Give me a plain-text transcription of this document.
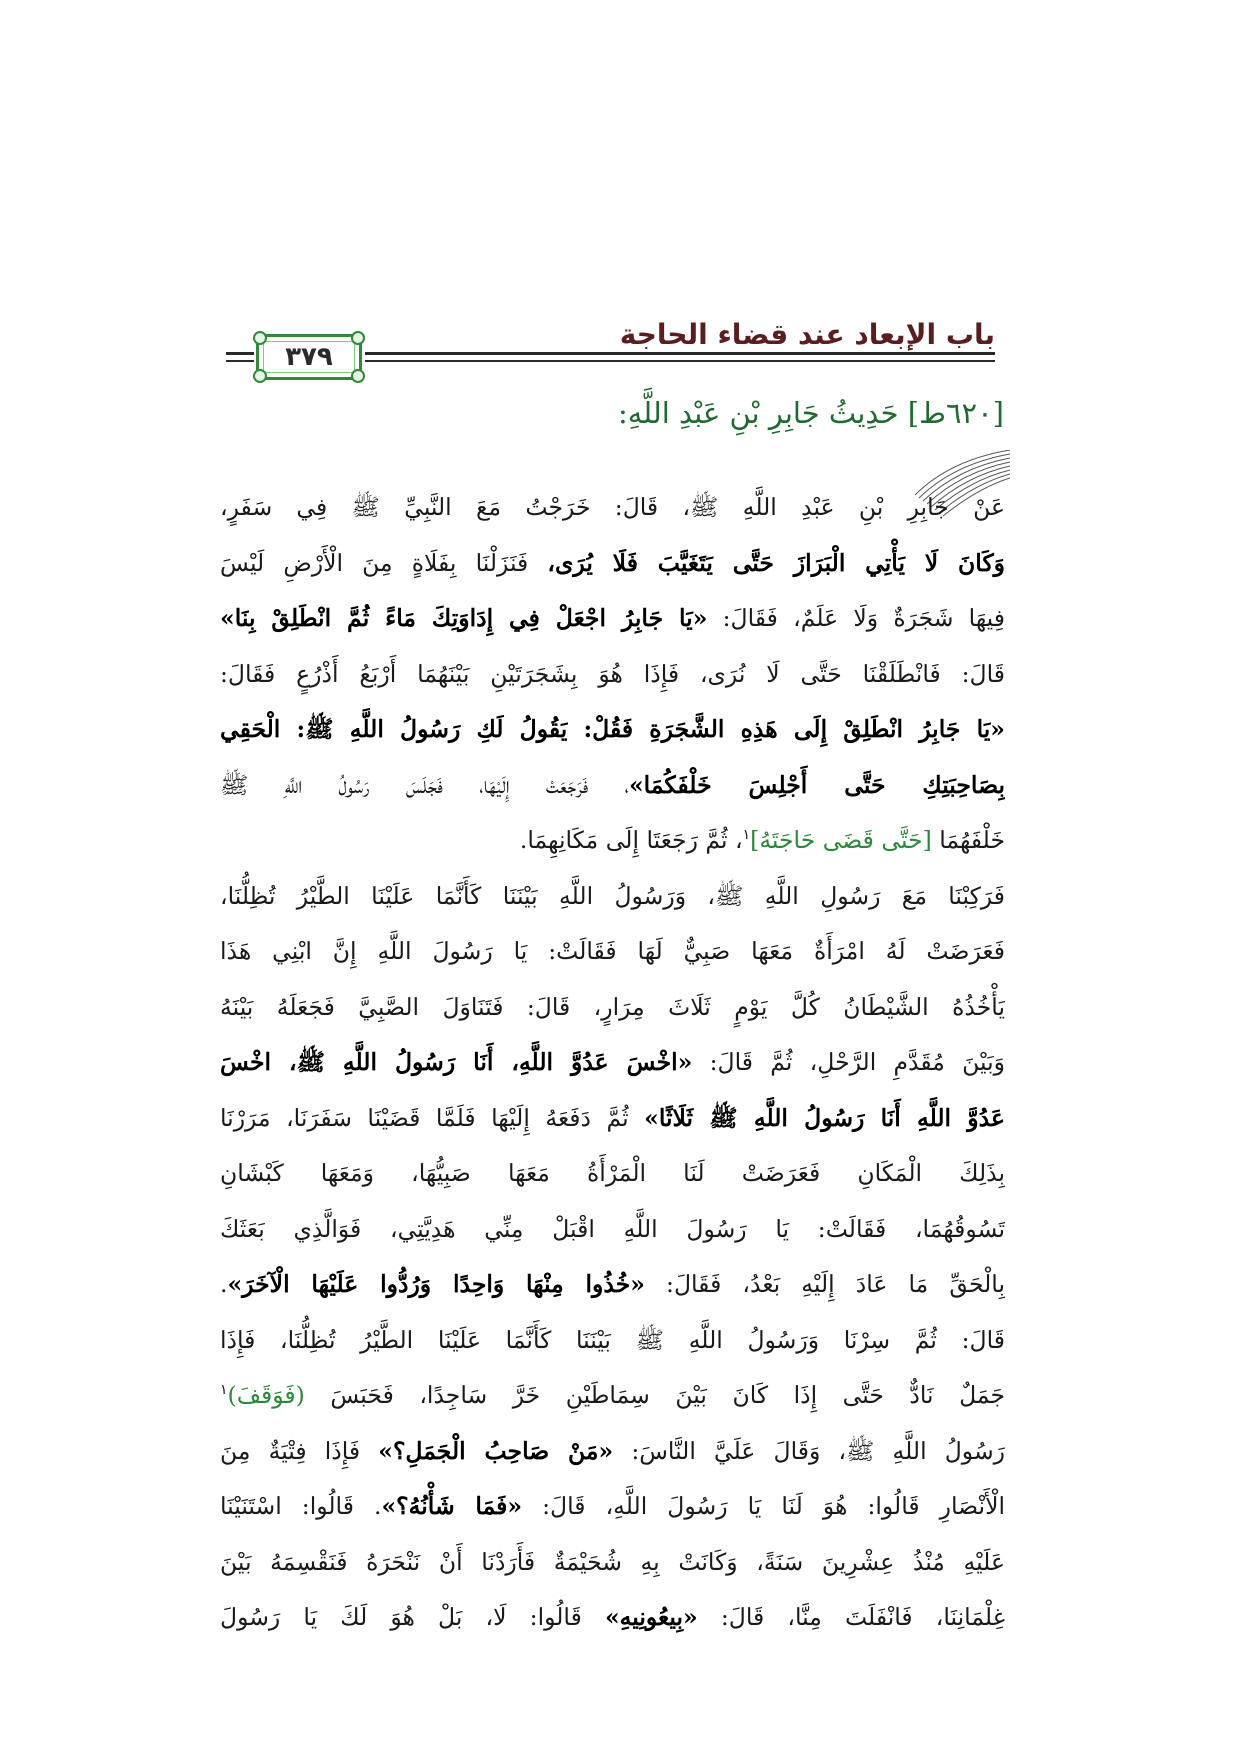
باب الإبعاد عند قضاء الحاجة
٣٧٩
[٦٢٠ط] حَدِيثُ جَابِرِ بْنِ عَبْدِ اللَّهِ:
عَنْ جَابِرِ بْنِ عَبْدِ اللَّهِ ﷺ، قَالَ: خَرَجْتُ مَعَ النَّبِيِّ ﷺ فِي سَفَرٍ،
وَكَانَ لَا يَأْتِي الْبَرَازَ حَتَّى يَتَغَيَّبَ فَلَا يُرَى، فَنَزَلْنَا بِفَلَاةٍ مِنَ الْأَرْضِ لَيْسَ
فِيهَا شَجَرَةٌ وَلَا عَلَمٌ، فَقَالَ: «يَا جَابِرُ اجْعَلْ فِي إِدَاوَتِكَ مَاءً ثُمَّ انْطَلِقْ بِنَا»
قَالَ: فَانْطَلَقْنَا حَتَّى لَا نُرَى، فَإِذَا هُوَ بِشَجَرَتَيْنِ بَيْنَهُمَا أَرْبَعُ أَذْرُعٍ فَقَالَ:
«يَا جَابِرُ انْطَلِقْ إِلَى هَذِهِ الشَّجَرَةِ فَقُلْ: يَقُولُ لَكِ رَسُولُ اللَّهِ ﷺ: الْحَقِي
بِصَاحِبَتِكِ حَتَّى أَجْلِسَ خَلْفَكُمَا»، فَرَجَعَتْ إِلَيْهَا، فَجَلَسَ رَسُولُ اللَّهِ ﷺ
خَلْفَهُمَا [حَتَّى قَضَى حَاجَتَهُ]$^١$، ثُمَّ رَجَعَتَا إِلَى مَكَانِهِمَا.
فَرَكِبْنَا مَعَ رَسُولِ اللَّهِ ﷺ، وَرَسُولُ اللَّهِ بَيْنَنَا كَأَنَّمَا عَلَيْنَا الطَّيْرُ تُظِلُّنَا،
فَعَرَضَتْ لَهُ امْرَأَةٌ مَعَهَا صَبِيٌّ لَهَا فَقَالَتْ: يَا رَسُولَ اللَّهِ إِنَّ ابْنِي هَذَا
يَأْخُذُهُ الشَّيْطَانُ كُلَّ يَوْمٍ ثَلَاثَ مِرَارٍ، قَالَ: فَتَنَاوَلَ الصَّبِيَّ فَجَعَلَهُ بَيْنَهُ
وَبَيْنَ مُقَدَّمِ الرَّحْلِ، ثُمَّ قَالَ: «اخْسَ عَدُوَّ اللَّهِ، أَنَا رَسُولُ اللَّهِ ﷺ، اخْسَ
عَدُوَّ اللَّهِ أَنَا رَسُولُ اللَّهِ ﷺ ثَلَاثًا» ثُمَّ دَفَعَهُ إِلَيْهَا فَلَمَّا قَضَيْنَا سَفَرَنَا، مَرَرْنَا
بِذَلِكَ الْمَكَانِ فَعَرَضَتْ لَنَا الْمَرْأَةُ مَعَهَا صَبِيُّهَا، وَمَعَهَا كَبْشَانِ
تَسُوقُهُمَا، فَقَالَتْ: يَا رَسُولَ اللَّهِ اقْبَلْ مِنِّي هَدِيَّتِي، فَوَالَّذِي بَعَثَكَ
بِالْحَقِّ مَا عَادَ إِلَيْهِ بَعْدُ، فَقَالَ: «خُذُوا مِنْهَا وَاحِدًا وَرُدُّوا عَلَيْهَا الْآخَرَ».
قَالَ: ثُمَّ سِرْنَا وَرَسُولُ اللَّهِ ﷺ بَيْنَنَا كَأَنَّمَا عَلَيْنَا الطَّيْرُ تُظِلُّنَا، فَإِذَا
جَمَلٌ نَادٌّ حَتَّى إِذَا كَانَ بَيْنَ سِمَاطَيْنِ خَرَّ سَاجِدًا، فَحَبَسَ (فَوَقَفَ)$^١$
رَسُولُ اللَّهِ ﷺ، وَقَالَ عَلَيَّ النَّاسَ: «مَنْ صَاحِبُ الْجَمَلِ؟» فَإِذَا فِتْيَةٌ مِنَ
الْأَنْصَارِ قَالُوا: هُوَ لَنَا يَا رَسُولَ اللَّهِ، قَالَ: «فَمَا شَأْنُهُ؟». قَالُوا: اسْتَنَيْنَا
عَلَيْهِ مُنْذُ عِشْرِينَ سَنَةً، وَكَانَتْ بِهِ شُحَيْمَةٌ فَأَرَدْنَا أَنْ نَنْحَرَهُ فَنَقْسِمَهُ بَيْنَ
غِلْمَانِنَا، فَانْفَلَتَ مِنَّا، قَالَ: «بِيعُونِيهِ» قَالُوا: لَا، بَلْ هُوَ لَكَ يَا رَسُولَ
